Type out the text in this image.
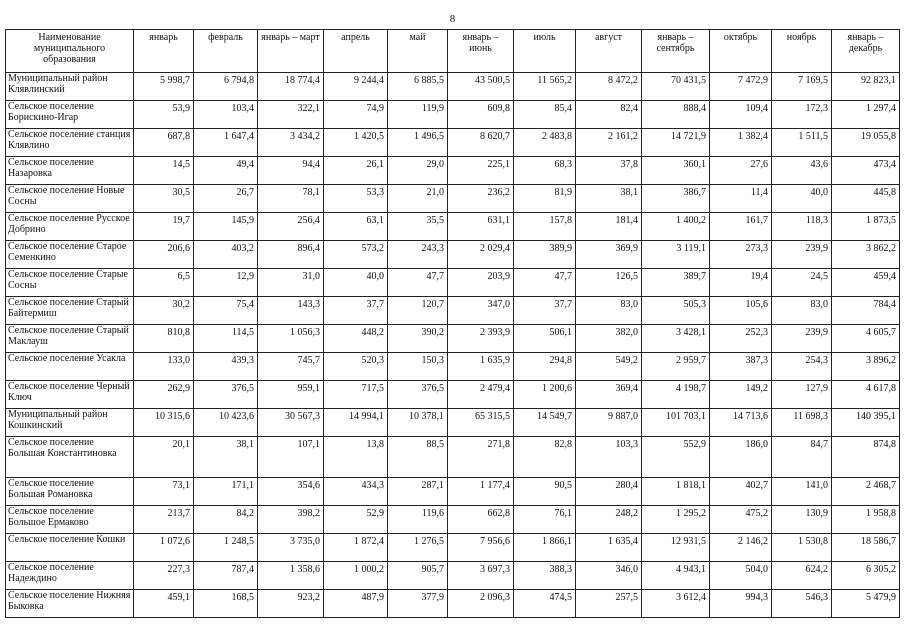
8
Наименование муниципального образования	январь	февраль	январь – март	апрель	май	январь – июнь	июль	август	январь – сентябрь	октябрь	ноябрь	январь – декабрь
Муниципальный район Клявлинский	5 998,7	6 794,8	18 774,4	9 244,4	6 885,5	43 500,5	11 565,2	8 472,2	70 431,5	7 472,9	7 169,5	92 823,1
Сельское поселение Борискино-Игар	53,9	103,4	322,1	74,9	119,9	609,8	85,4	82,4	888,4	109,4	172,3	1 297,4
Сельское поселение станция Клявлино	687,8	1 647,4	3 434,2	1 420,5	1 496,5	8 620,7	2 483,8	2 161,2	14 721,9	1 382,4	1 511,5	19 055,8
Сельское поселение Назаровка	14,5	49,4	94,4	26,1	29,0	225,1	68,3	37,8	360,1	27,6	43,6	473,4
Сельское поселение Новые Сосны	30,5	26,7	78,1	53,3	21,0	236,2	81,9	38,1	386,7	11,4	40,0	445,8
Сельское поселение Русское Добрино	19,7	145,9	256,4	63,1	35,5	631,1	157,8	181,4	1 400,2	161,7	118,3	1 873,5
Сельское поселение Старое Семенкино	206,6	403,2	896,4	573,2	243,3	2 029,4	389,9	369,9	3 119,1	273,3	239,9	3 862,2
Сельское поселение Старые Сосны	6,5	12,9	31,0	40,0	47,7	203,9	47,7	126,5	389,7	19,4	24,5	459,4
Сельское поселение Старый Байтермиш	30,2	75,4	143,3	37,7	120,7	347,0	37,7	83,0	505,3	105,6	83,0	784,4
Сельское поселение Старый Маклауш	810,8	114,5	1 056,3	448,2	390,2	2 393,9	506,1	382,0	3 428,1	252,3	239,9	4 605,7
Сельское поселение Усакла	133,0	439,3	745,7	520,3	150,3	1 635,9	294,8	549,2	2 959,7	387,3	254,3	3 896,2
Сельское поселение Черный Ключ	262,9	376,5	959,1	717,5	376,5	2 479,4	1 200,6	369,4	4 198,7	149,2	127,9	4 617,8
Муниципальный район Кошкинский	10 315,6	10 423,6	30 567,3	14 994,1	10 378,1	65 315,5	14 549,7	9 887,0	101 703,1	14 713,6	11 698,3	140 395,1
Сельское поселение Большая Константиновка	20,1	38,1	107,1	13,8	88,5	271,8	82,8	103,3	552,9	186,0	84,7	874,8
Сельское поселение Большая Романовка	73,1	171,1	354,6	434,3	287,1	1 177,4	90,5	280,4	1 818,1	402,7	141,0	2 468,7
Сельское поселение Большое Ермаково	213,7	84,2	398,2	52,9	119,6	662,8	76,1	248,2	1 295,2	475,2	130,9	1 958,8
Сельское поселение Кошки	1 072,6	1 248,5	3 735,0	1 872,4	1 276,5	7 956,6	1 866,1	1 635,4	12 931,5	2 146,2	1 530,8	18 586,7
Сельское поселение Надеждино	227,3	787,4	1 358,6	1 000,2	905,7	3 697,3	388,3	346,0	4 943,1	504,0	624,2	6 305,2
Сельское поселение Нижняя Быковка	459,1	168,5	923,2	487,9	377,9	2 096,3	474,5	257,5	3 612,4	994,3	546,3	5 479,9
